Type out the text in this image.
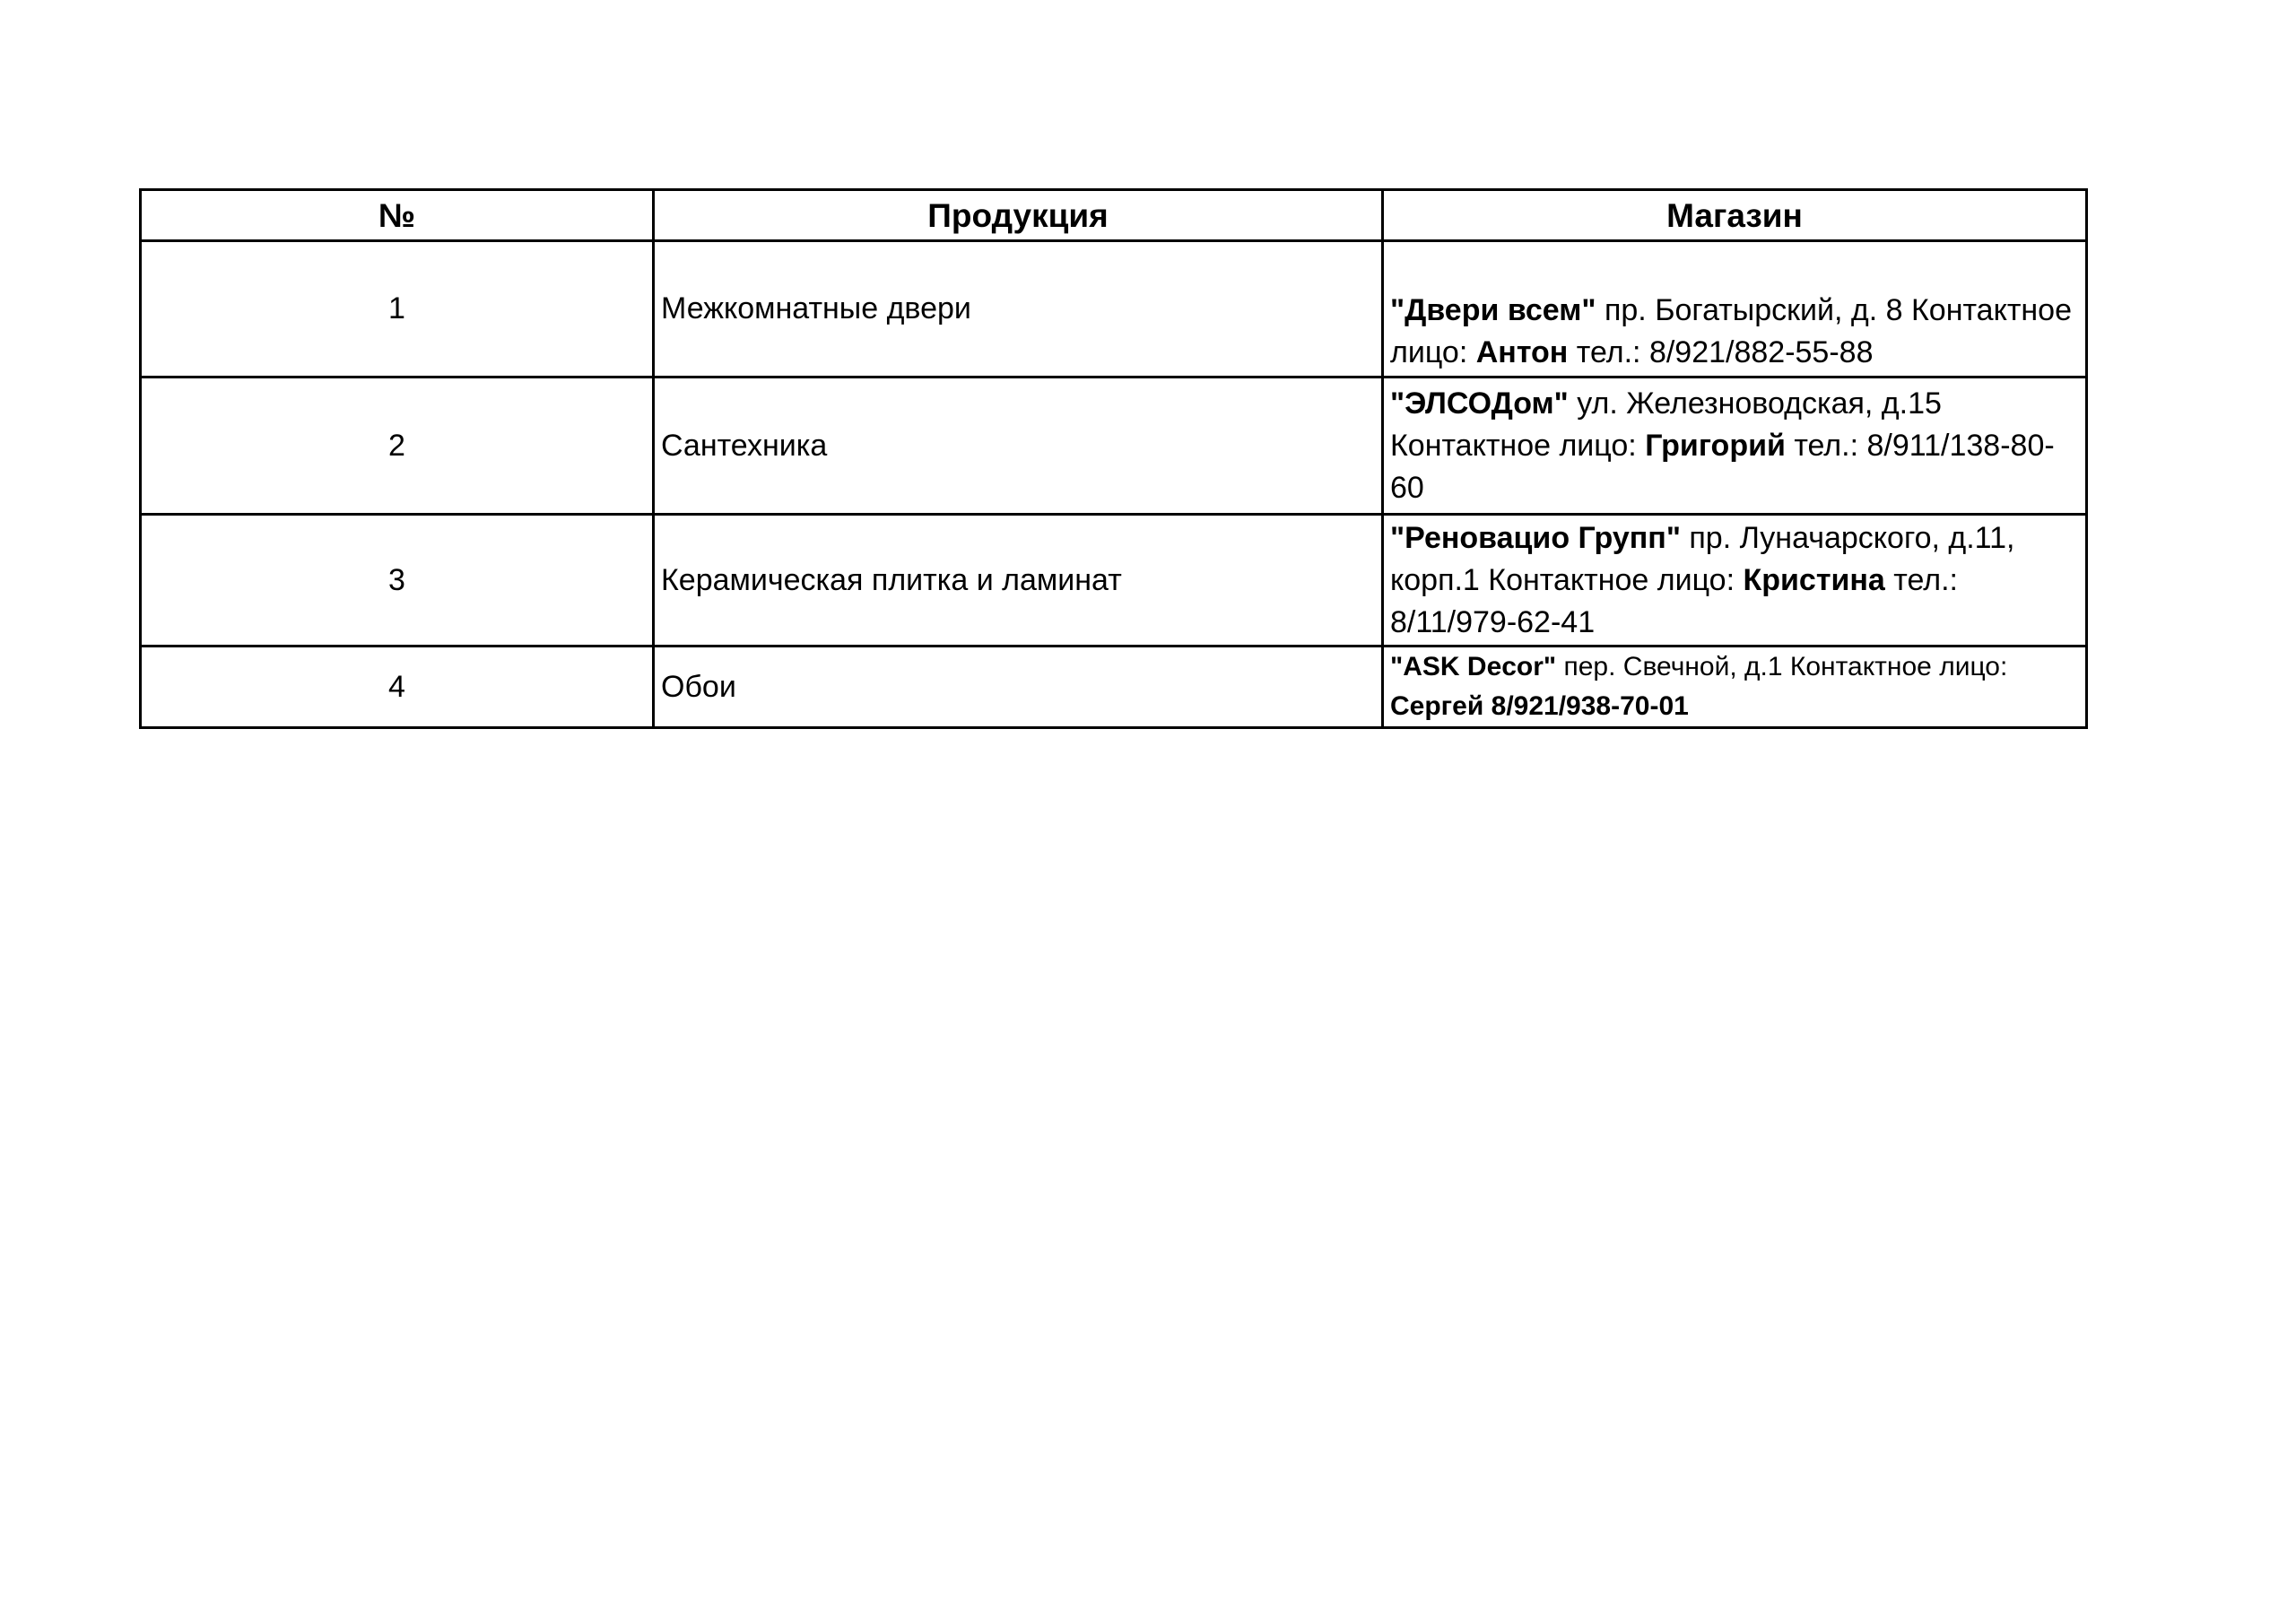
№	Продукция	Магазин
1	Межкомнатные двери	"Двери всем" пр. Богатырский, д. 8 Контактное лицо: Антон тел.: 8/921/882-55-88
2	Сантехника	"ЭЛСОДом" ул. Железноводская, д.15 Контактное лицо: Григорий тел.: 8/911/138-80-60
3	Керамическая плитка и ламинат	"Реновацио Групп" пр. Луначарского, д.11, корп.1 Контактное лицо: Кристина тел.: 8/11/979-62-41
4	Обои	"ASK Decor" пер. Свечной, д.1 Контактное лицо: Сергей 8/921/938-70-01
